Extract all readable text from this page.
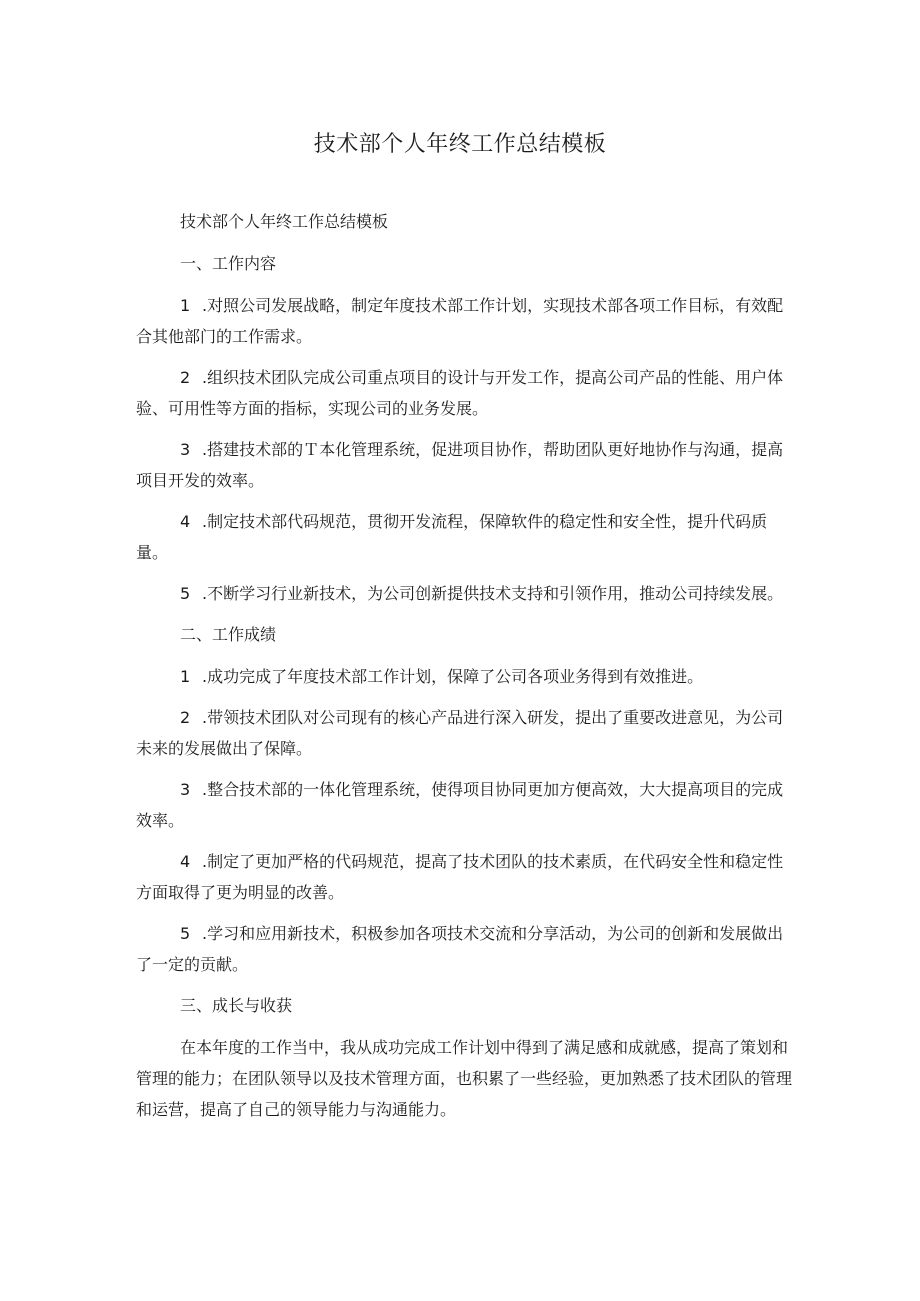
技术部个人年终工作总结模板

技术部个人年终工作总结模板

一、工作内容

1 .对照公司发展战略，制定年度技术部工作计划，实现技术部各项工作目标，有效配合其他部门的工作需求。

2 .组织技术团队完成公司重点项目的设计与开发工作，提高公司产品的性能、用户体验、可用性等方面的指标，实现公司的业务发展。

3 .搭建技术部的Ｔ本化管理系统，促进项目协作，帮助团队更好地协作与沟通，提高项目开发的效率。

4 .制定技术部代码规范，贯彻开发流程，保障软件的稳定性和安全性，提升代码质量。

5 .不断学习行业新技术，为公司创新提供技术支持和引领作用，推动公司持续发展。

二、工作成绩

1 .成功完成了年度技术部工作计划，保障了公司各项业务得到有效推进。

2 .带领技术团队对公司现有的核心产品进行深入研发，提出了重要改进意见，为公司未来的发展做出了保障。

3 .整合技术部的一体化管理系统，使得项目协同更加方便高效，大大提高项目的完成效率。

4 .制定了更加严格的代码规范，提高了技术团队的技术素质，在代码安全性和稳定性方面取得了更为明显的改善。

5 .学习和应用新技术，积极参加各项技术交流和分享活动，为公司的创新和发展做出了一定的贡献。

三、成长与收获

在本年度的工作当中，我从成功完成工作计划中得到了满足感和成就感，提高了策划和管理的能力；在团队领导以及技术管理方面，也积累了一些经验，更加熟悉了技术团队的管理和运营，提高了自己的领导能力与沟通能力。
